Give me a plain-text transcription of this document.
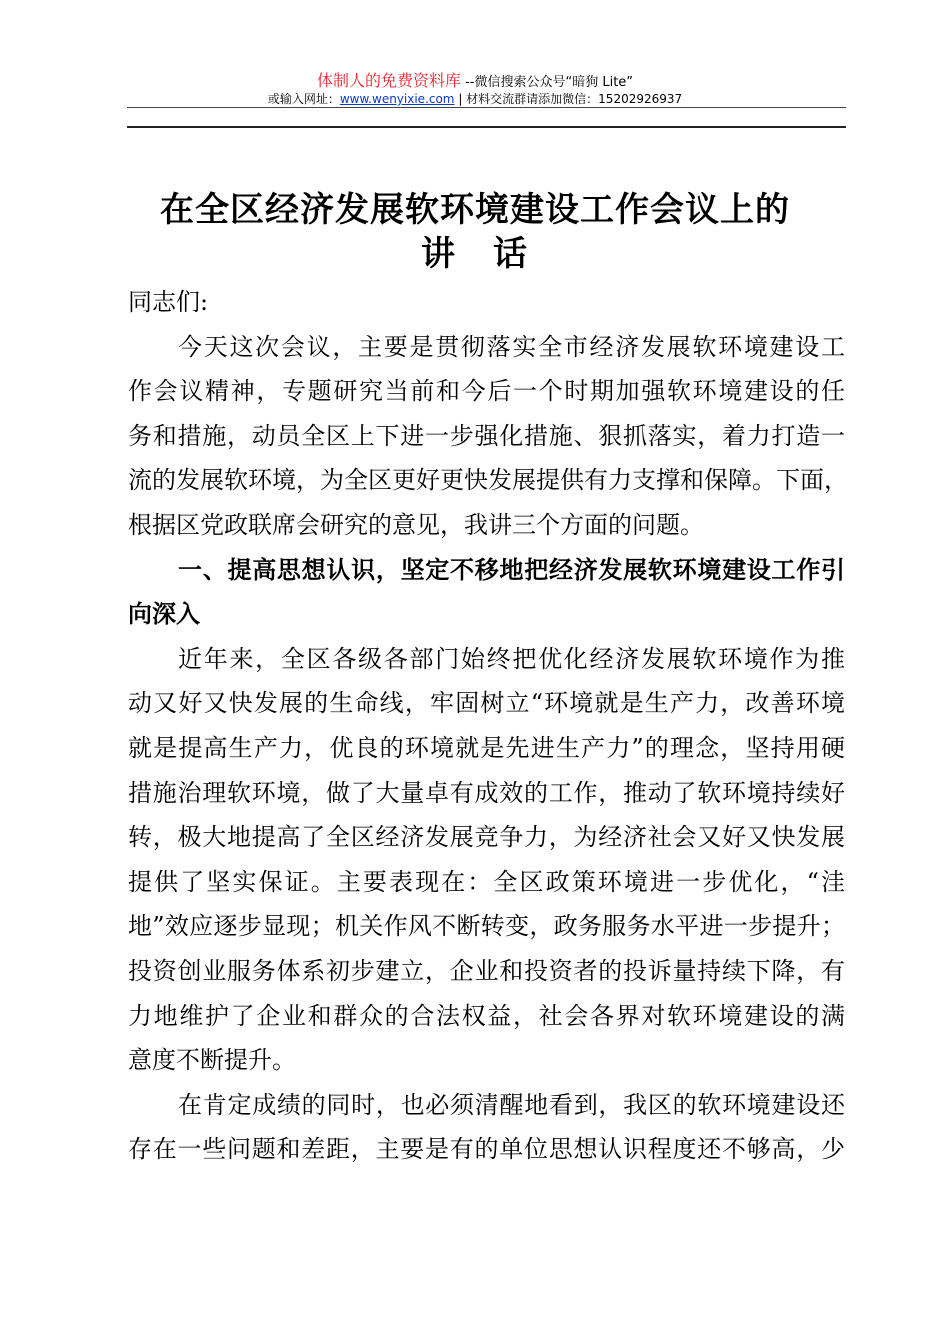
体制人的免费资料库 --微信搜索公众号“暗狗 Lite”
或输入网址：www.wenyixie.com | 材料交流群请添加微信：15202926937
在全区经济发展软环境建设工作会议上的
讲　话
同志们:
今天这次会议，主要是贯彻落实全市经济发展软环境建设工
作会议精神，专题研究当前和今后一个时期加强软环境建设的任
务和措施，动员全区上下进一步强化措施、狠抓落实，着力打造一
流的发展软环境，为全区更好更快发展提供有力支撑和保障。下面，
根据区党政联席会研究的意见，我讲三个方面的问题。
一、提高思想认识，坚定不移地把经济发展软环境建设工作引
向深入
近年来，全区各级各部门始终把优化经济发展软环境作为推
动又好又快发展的生命线，牢固树立“环境就是生产力，改善环境
就是提高生产力，优良的环境就是先进生产力”的理念，坚持用硬
措施治理软环境，做了大量卓有成效的工作，推动了软环境持续好
转，极大地提高了全区经济发展竞争力，为经济社会又好又快发展
提供了坚实保证。主要表现在：全区政策环境进一步优化，“洼
地”效应逐步显现；机关作风不断转变，政务服务水平进一步提升；
投资创业服务体系初步建立，企业和投资者的投诉量持续下降，有
力地维护了企业和群众的合法权益，社会各界对软环境建设的满
意度不断提升。
在肯定成绩的同时，也必须清醒地看到，我区的软环境建设还
存在一些问题和差距，主要是有的单位思想认识程度还不够高，少
